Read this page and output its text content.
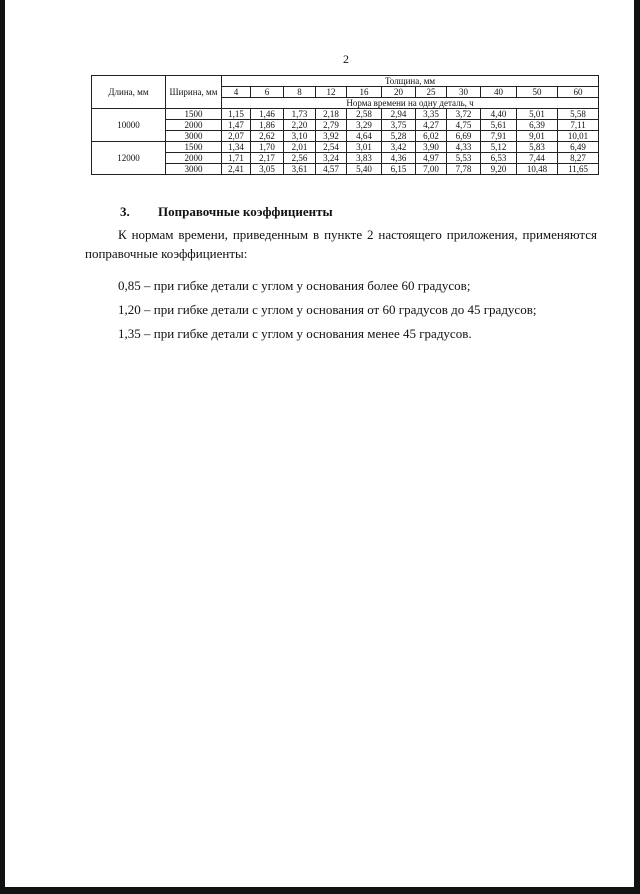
2
Длина, мм	Ширина, мм	Толщина, мм										
		4	6	8	12	16	20	25	30	40	50	60
		Норма времени на одну деталь, ч										
10000	1500	1,15	1,46	1,73	2,18	2,58	2,94	3,35	3,72	4,40	5,01	5,58
	2000	1,47	1,86	2,20	2,79	3,29	3,75	4,27	4,75	5,61	6,39	7,11
	3000	2,07	2,62	3,10	3,92	4,64	5,28	6,02	6,69	7,91	9,01	10,01
12000	1500	1,34	1,70	2,01	2,54	3,01	3,42	3,90	4,33	5,12	5,83	6,49
	2000	1,71	2,17	2,56	3,24	3,83	4,36	4,97	5,53	6,53	7,44	8,27
	3000	2,41	3,05	3,61	4,57	5,40	6,15	7,00	7,78	9,20	10,48	11,65
3. Поправочные коэффициенты
К нормам времени, приведенным в пункте 2 настоящего приложения, применяются поправочные коэффициенты:
0,85 – при гибке детали с углом у основания более 60 градусов;
1,20 – при гибке детали с углом у основания от 60 градусов до 45 градусов;
1,35 – при гибке детали с углом у основания менее 45 градусов.
